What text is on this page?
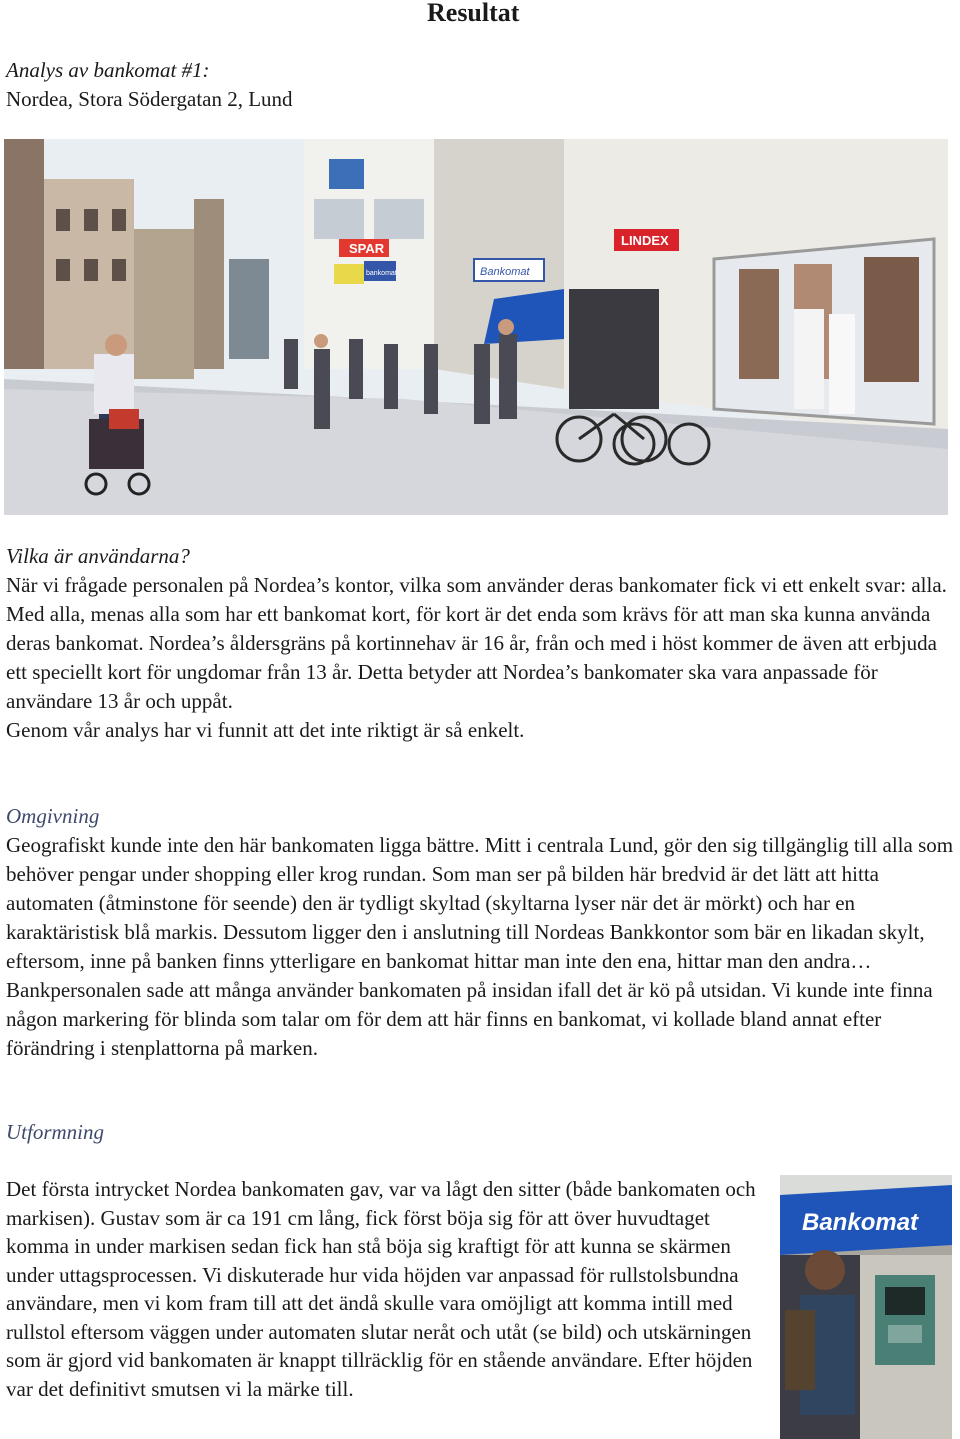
Resultat
Analys av bankomat #1:
Nordea, Stora Södergatan 2, Lund
SPAR
bankomat	Bankomat
LINDEX

Vilka är användarna?

När vi frågade personalen på Nordea’s kontor, vilka som använder deras bankomater fick vi ett enkelt svar: alla.

Med alla, menas alla som har ett bankomat kort, för kort är det enda som krävs för att man ska kunna använda deras bankomat. Nordea’s åldersgräns på kortinnehav är 16 år, från och med i höst kommer de även att erbjuda ett speciellt kort för ungdomar från 13 år. Detta betyder att Nordea’s bankomater ska vara anpassade för användare 13 år och uppåt.

Genom vår analys har vi funnit att det inte riktigt är så enkelt.

Omgivning

Geografiskt kunde inte den här bankomaten ligga bättre. Mitt i centrala Lund, gör den sig tillgänglig till alla som behöver pengar under shopping eller krog rundan. Som man ser på bilden här bredvid är det lätt att hitta automaten (åtminstone för seende) den är tydligt skyltad (skyltarna lyser när det är mörkt) och har en karaktäristisk blå markis. Dessutom ligger den i anslutning till Nordeas Bankkontor som bär en likadan skylt, eftersom, inne på banken finns ytterligare en bankomat hittar man inte den ena, hittar man den andra… Bankpersonalen sade att många använder bankomaten på insidan ifall det är kö på utsidan. Vi kunde inte finna någon markering för blinda som talar om för dem att här finns en bankomat, vi kollade bland annat efter förändring i stenplattorna på marken.

Utformning

Det första intrycket Nordea bankomaten gav, var va lågt den sitter (både bankomaten och markisen). Gustav som är ca 191 cm lång, fick först böja sig för att över huvudtaget komma in under markisen sedan fick han stå böja sig kraftigt för att kunna se skärmen under uttagsprocessen. Vi diskuterade hur vida höjden var anpassad för rullstolsbundna användare, men vi kom fram till att det ändå skulle vara omöjligt att komma intill med rullstol eftersom väggen under automaten slutar neråt och utåt (se bild) och utskärningen som är gjord vid bankomaten är knappt tillräcklig för en stående användare. Efter höjden var det definitivt smutsen vi la märke till.

Bankomat
